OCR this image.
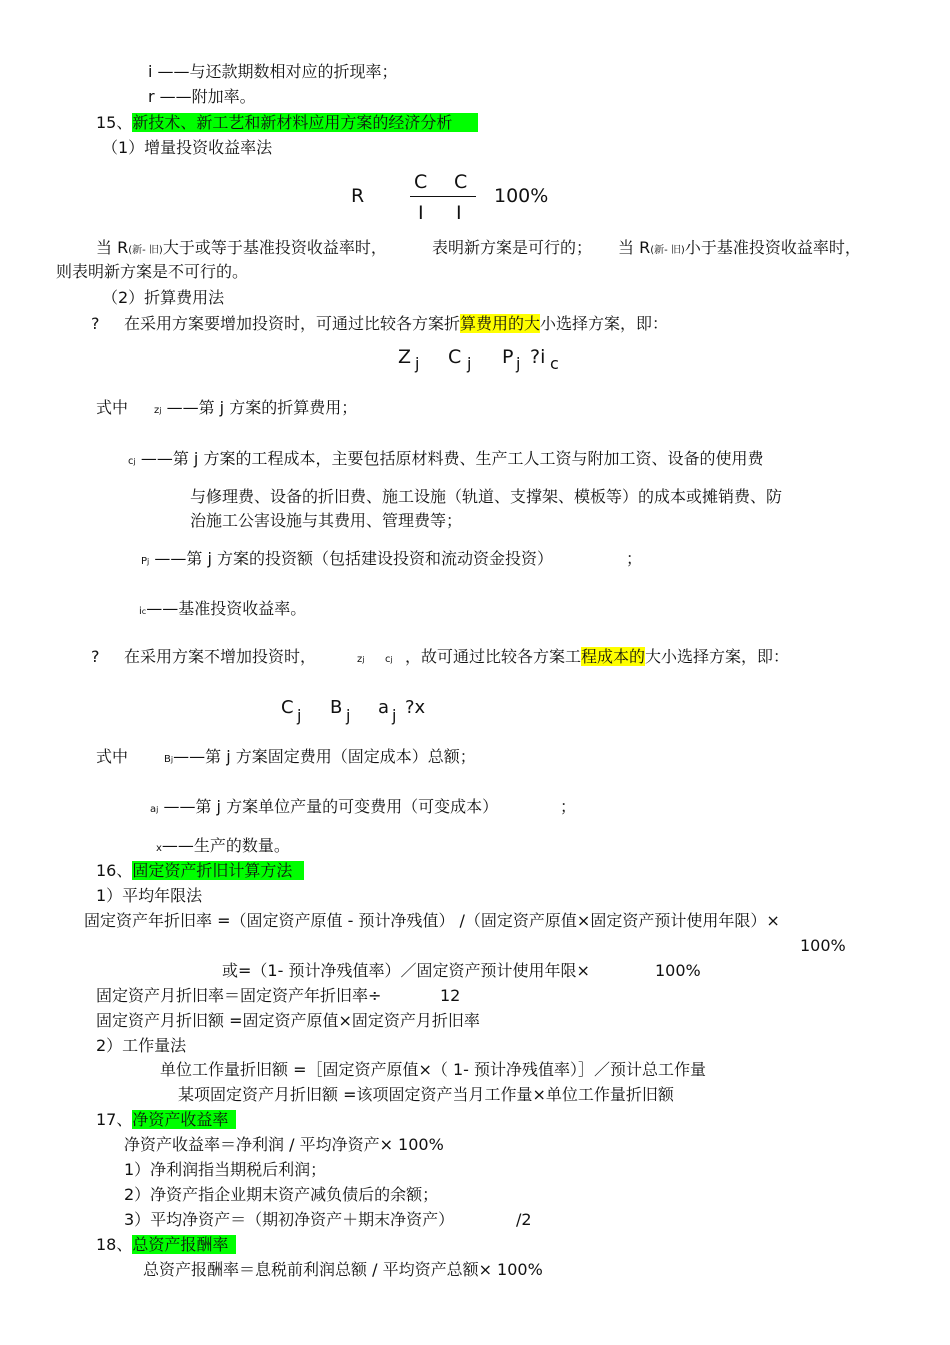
i ——与还款期数相对应的折现率；
r ——附加率。
15、新技术、新工艺和新材料应用方案的经济分析
（1）增量投资收益率法
R
C C
I I
100%
当 R(新- 旧)大于或等于基准投资收益率时，	表明新方案是可行的； 当 R(新- 旧)小于基准投资收益率时，
则表明新方案是不可行的。
（2）折算费用法
? 在采用方案要增加投资时，可通过比较各方案折算费用的大小选择方案，即：
Z j C j P j ?i c
式中	zj ——第 j 方案的折算费用；
cj ——第 j 方案的工程成本，主要包括原材料费、生产工人工资与附加工资、设备的使用费
与修理费、设备的折旧费、施工设施（轨道、支撑架、模板等）的成本或摊销费、防
治施工公害设施与其费用、管理费等；
Pj ——第 j 方案的投资额（包括建设投资和流动资金投资）	；
ic——基准投资收益率。
? 在采用方案不增加投资时，	zj cj ，故可通过比较各方案工程成本的大小选择方案，即：
C j B j a j ?x
式中	Bj——第 j 方案固定费用（固定成本）总额；
aj ——第 j 方案单位产量的可变费用（可变成本）	；
x——生产的数量。
16、固定资产折旧计算方法
1）平均年限法
固定资产年折旧率 =（固定资产原值 - 预计净残值） /（固定资产原值×固定资产预计使用年限）×
100%
或=（1- 预计净残值率）／固定资产预计使用年限×	100%
固定资产月折旧率＝固定资产年折旧率÷	12
固定资产月折旧额 =固定资产原值×固定资产月折旧率
2）工作量法
单位工作量折旧额 =［固定资产原值×（ 1- 预计净残值率）］／预计总工作量
某项固定资产月折旧额 =该项固定资产当月工作量×单位工作量折旧额
17、净资产收益率
净资产收益率＝净利润 / 平均净资产× 100%
1）净利润指当期税后利润；
2）净资产指企业期末资产减负债后的余额；
3）平均净资产＝（期初净资产＋期末净资产）	/2
18、总资产报酬率
总资产报酬率＝息税前利润总额 / 平均资产总额× 100%
